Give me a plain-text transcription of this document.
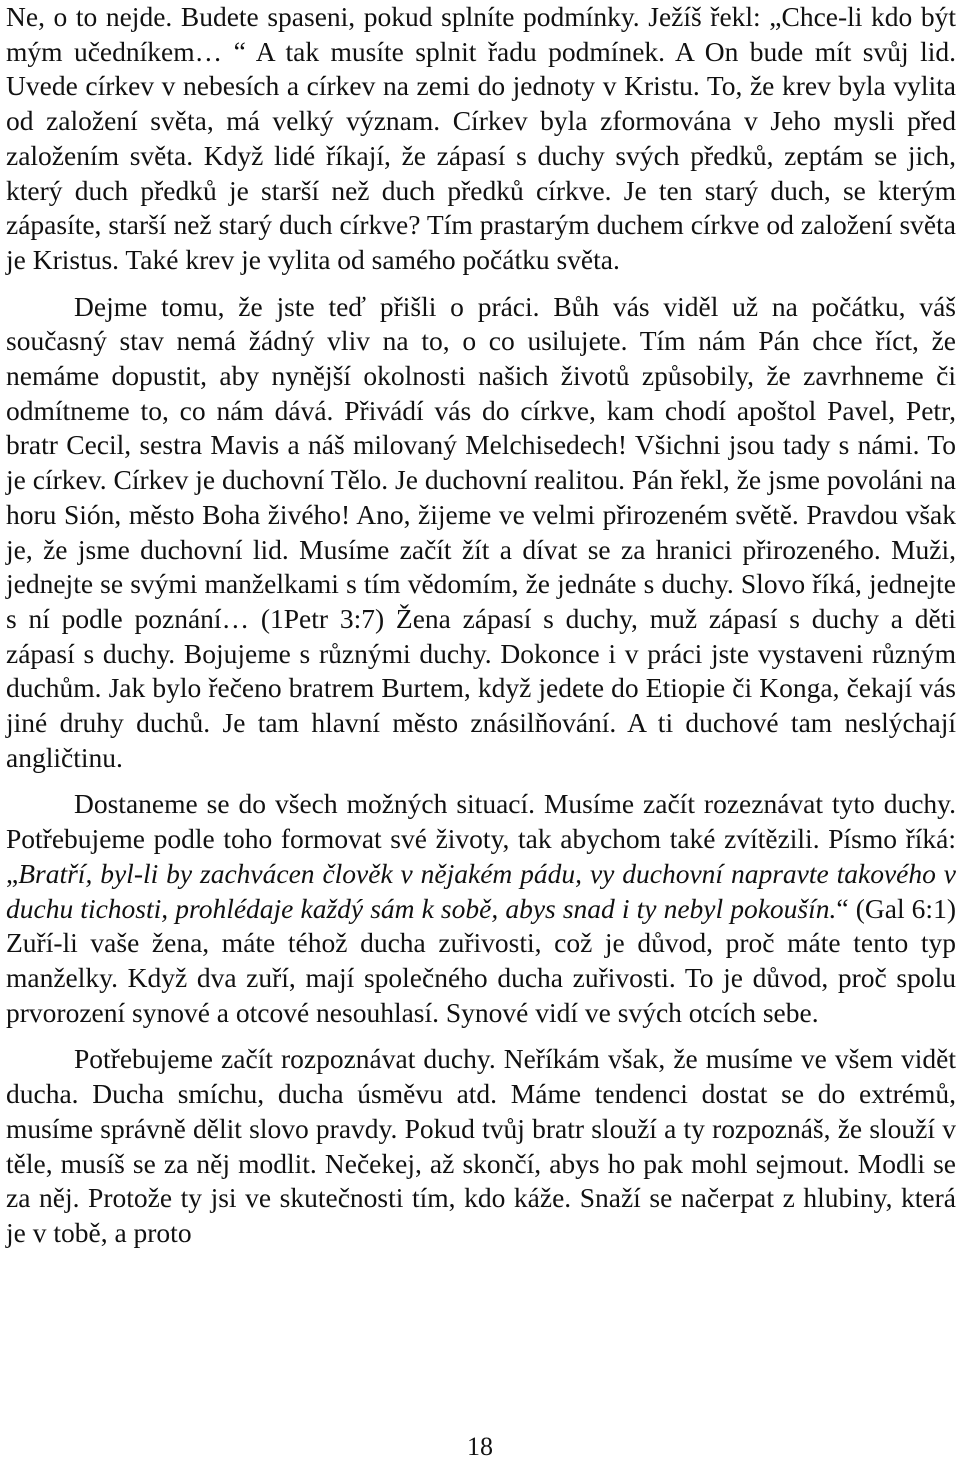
Ne, o to nejde. Budete spaseni, pokud splníte podmínky. Ježíš řekl: „Chce-li kdo být mým učedníkem… “ A tak musíte splnit řadu podmínek. A On bude mít svůj lid. Uvede církev v nebesích a církev na zemi do jednoty v Kristu. To, že krev byla vylita od založení světa, má velký význam. Církev byla zformována v Jeho mysli před založením světa. Když lidé říkají, že zápasí s duchy svých předků, zeptám se jich, který duch předků je starší než duch předků církve. Je ten starý duch, se kterým zápasíte, starší než starý duch církve? Tím prastarým duchem církve od založení světa je Kristus. Také krev je vylita od samého počátku světa.

Dejme tomu, že jste teď přišli o práci. Bůh vás viděl už na počátku, váš současný stav nemá žádný vliv na to, o co usilujete. Tím nám Pán chce říct, že nemáme dopustit, aby nynější okolnosti našich životů způsobily, že zavrhneme či odmítneme to, co nám dává. Přivádí vás do církve, kam chodí apoštol Pavel, Petr, bratr Cecil, sestra Mavis a náš milovaný Melchisedech! Všichni jsou tady s námi. To je církev. Církev je duchovní Tělo. Je duchovní realitou. Pán řekl, že jsme povoláni na horu Sión, město Boha živého! Ano, žijeme ve velmi přirozeném světě. Pravdou však je, že jsme duchovní lid. Musíme začít žít a dívat se za hranici přirozeného. Muži, jednejte se svými manželkami s tím vědomím, že jednáte s duchy. Slovo říká, jednejte s ní podle poznání… (1Petr 3:7) Žena zápasí s duchy, muž zápasí s duchy a děti zápasí s duchy. Bojujeme s různými duchy. Dokonce i v práci jste vystaveni různým duchům. Jak bylo řečeno bratrem Burtem, když jedete do Etiopie či Konga, čekají vás jiné druhy duchů. Je tam hlavní město znásilňování. A ti duchové tam neslýchají angličtinu.

Dostaneme se do všech možných situací. Musíme začít rozeznávat tyto duchy. Potřebujeme podle toho formovat své životy, tak abychom také zvítězili. Písmo říká: „Bratří, byl-li by zachvácen člověk v nějakém pádu, vy duchovní napravte takového v duchu tichosti, prohlédaje každý sám k sobě, abys snad i ty nebyl pokoušín.“ (Gal 6:1) Zuří-li vaše žena, máte téhož ducha zuřivosti, což je důvod, proč máte tento typ manželky. Když dva zuří, mají společného ducha zuřivosti. To je důvod, proč spolu prvorození synové a otcové nesouhlasí. Synové vidí ve svých otcích sebe.

Potřebujeme začít rozpoznávat duchy. Neříkám však, že musíme ve všem vidět ducha. Ducha smíchu, ducha úsměvu atd. Máme tendenci dostat se do extrémů, musíme správně dělit slovo pravdy. Pokud tvůj bratr slouží a ty rozpoznáš, že slouží v těle, musíš se za něj modlit. Nečekej, až skončí, abys ho pak mohl sejmout. Modli se za něj. Protože ty jsi ve skutečnosti tím, kdo káže. Snaží se načerpat z hlubiny, která je v tobě, a proto

18
